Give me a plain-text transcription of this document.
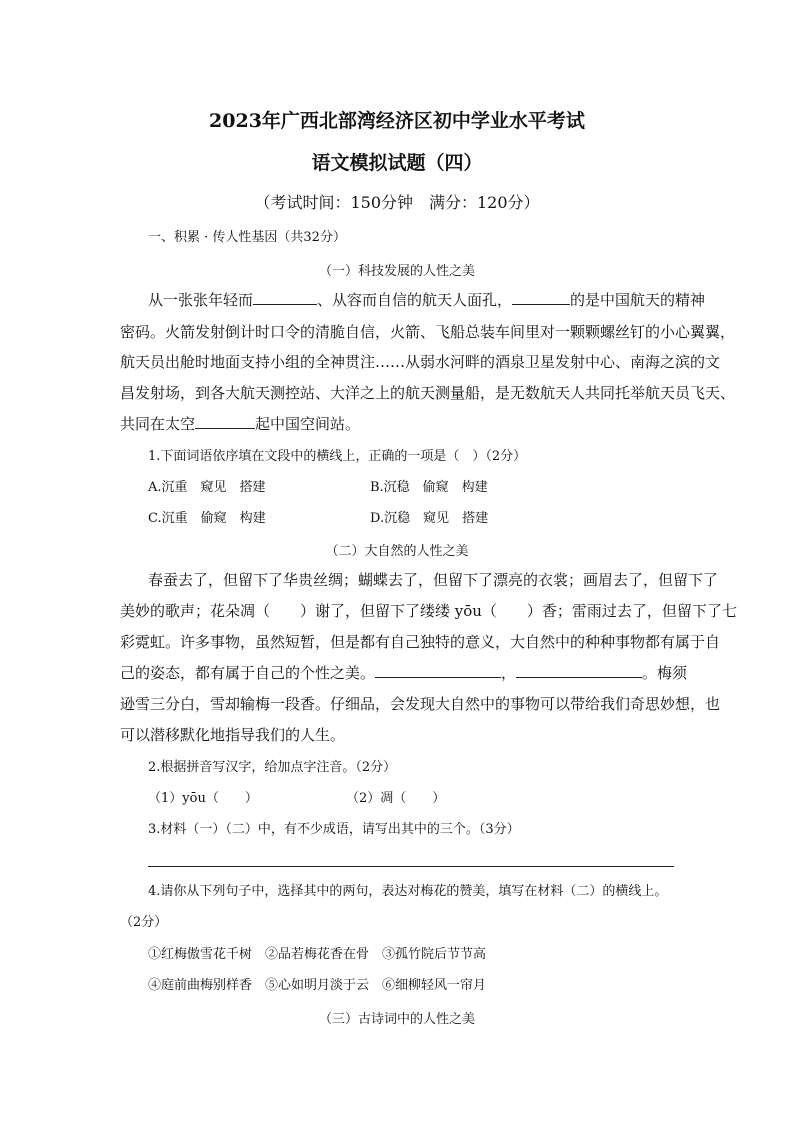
2023年广西北部湾经济区初中学业水平考试
语文模拟试题（四）
（考试时间：150分钟　满分：120分）
一、积累 · 传人性基因（共32分）
（一）科技发展的人性之美
从一张张年轻而	、从容而自信的航天人面孔，	的是中国航天的精神
密码。火箭发射倒计时口令的清脆自信，火箭、飞船总装车间里对一颗颗螺丝钉的小心翼翼，
航天员出舱时地面支持小组的全神贯注……从弱水河畔的酒泉卫星发射中心、南海之滨的文
昌发射场，到各大航天测控站、大洋之上的航天测量船，是无数航天人共同托举航天员飞天、
共同在太空	起中国空间站。
1.下面词语依序填在文段中的横线上，正确的一项是（　）（2分）
A.沉重　窥见　搭建	B.沉稳　偷窥　构建
C.沉重　偷窥　构建	D.沉稳　窥见　搭建
（二）大自然的人性之美
春蚕去了，但留下了华贵丝绸；蝴蝶去了，但留下了漂亮的衣裳；画眉去了，但留下了
美妙的歌声；花朵凋（　　）谢了，但留下了缕缕 yōu（　　）香；雷雨过去了，但留下了七
彩霓虹。许多事物，虽然短暂，但是都有自己独特的意义，大自然中的种种事物都有属于自
己的姿态，都有属于自己的个性之美。	，	。梅须
逊雪三分白，雪却输梅一段香。仔细品，会发现大自然中的事物可以带给我们奇思妙想，也
可以潜移默化地指导我们的人生。
2.根据拼音写汉字，给加点字注音。（2分）
（1）yōu（　　）	（2）凋（　　）
3.材料（一）（二）中，有不少成语，请写出其中的三个。（3分）
4.请你从下列句子中，选择其中的两句，表达对梅花的赞美，填写在材料（二）的横线上。
（2分）
①红梅傲雪花千树　②品若梅花香在骨　③孤竹院后节节高
④庭前曲梅别样香　⑤心如明月淡于云　⑥细柳轻风一帘月
（三）古诗词中的人性之美
